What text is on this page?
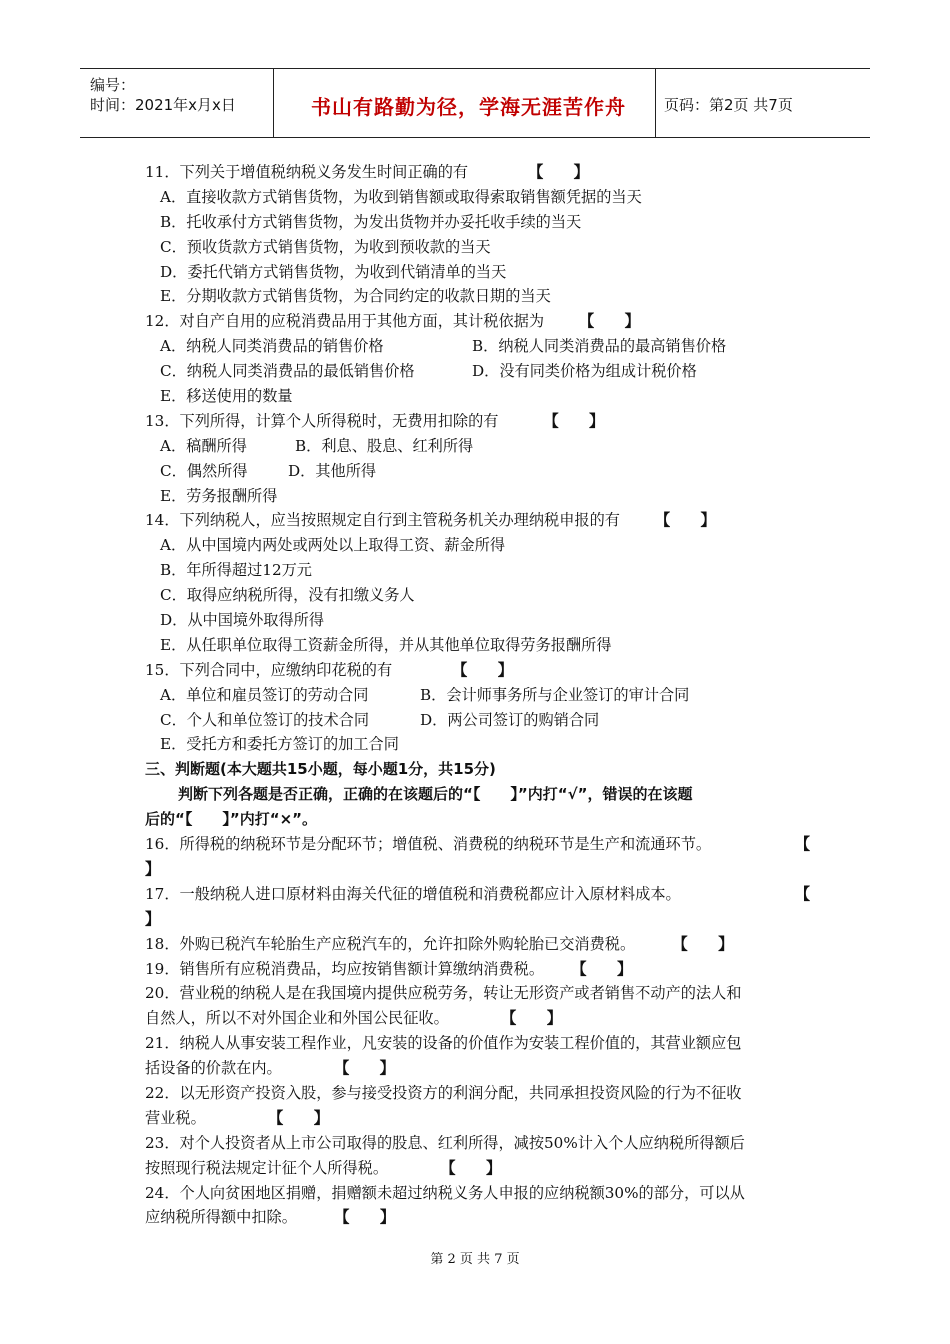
编号：
时间：2021年x月x日	书山有路勤为径，学海无涯苦作舟	页码：第2页 共7页
11．下列关于增值税纳税义务发生时间正确的有	【　　】
A．直接收款方式销售货物，为收到销售额或取得索取销售额凭据的当天
B．托收承付方式销售货物，为发出货物并办妥托收手续的当天
C．预收货款方式销售货物，为收到预收款的当天
D．委托代销方式销售货物，为收到代销清单的当天
E．分期收款方式销售货物，为合同约定的收款日期的当天
12．对自产自用的应税消费品用于其他方面，其计税依据为 【　　】
A．纳税人同类消费品的销售价格	B．纳税人同类消费品的最高销售价格
C．纳税人同类消费品的最低销售价格	D．没有同类价格为组成计税价格
E．移送使用的数量
13．下列所得，计算个人所得税时，无费用扣除的有	【　　】
A．稿酬所得	B．利息、股息、红利所得
C．偶然所得	D．其他所得
E．劳务报酬所得
14．下列纳税人，应当按照规定自行到主管税务机关办理纳税申报的有 【　　】
A．从中国境内两处或两处以上取得工资、薪金所得
B．年所得超过12万元
C．取得应纳税所得，没有扣缴义务人
D．从中国境外取得所得
E．从任职单位取得工资薪金所得，并从其他单位取得劳务报酬所得
15．下列合同中，应缴纳印花税的有	【　　】
A．单位和雇员签订的劳动合同	B．会计师事务所与企业签订的审计合同
C．个人和单位签订的技术合同	D．两公司签订的购销合同
E．受托方和委托方签订的加工合同
三、判断题(本大题共15小题，每小题1分，共15分)
判断下列各题是否正确，正确的在该题后的“【　　】”内打“√”，错误的在该题
后的“【　　】”内打“×”。
16．所得税的纳税环节是分配环节；增值税、消费税的纳税环节是生产和流通环节。	【
】
17．一般纳税人进口原材料由海关代征的增值税和消费税都应计入原材料成本。	【
】
18．外购已税汽车轮胎生产应税汽车的，允许扣除外购轮胎已交消费税。	【　　】
19．销售所有应税消费品，均应按销售额计算缴纳消费税。 【　　】
20．营业税的纳税人是在我国境内提供应税劳务，转让无形资产或者销售不动产的法人和
自然人，所以不对外国企业和外国公民征收。	【　　】
21．纳税人从事安装工程作业，凡安装的设备的价值作为安装工程价值的，其营业额应包
括设备的价款在内。	【　　】
22．以无形资产投资入股，参与接受投资方的利润分配，共同承担投资风险的行为不征收
营业税。	【　　】
23．对个人投资者从上市公司取得的股息、红利所得，减按50%计入个人应纳税所得额后
按照现行税法规定计征个人所得税。	【　　】
24．个人向贫困地区捐赠，捐赠额未超过纳税义务人申报的应纳税额30%的部分，可以从
应纳税所得额中扣除。	【　　】
第 2 页 共 7 页
